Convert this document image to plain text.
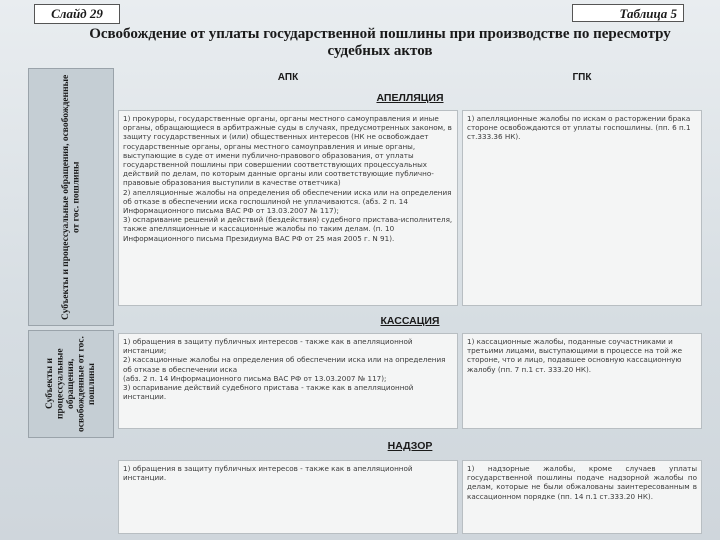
Слайд 29	Таблица 5
Освобождение от уплаты государственной пошлины при производстве по пересмотру судебных актов
Субъекты и процессуальные обращения, освобожденные от гос. пошлины
Субъекты и процессуальные обращения, освобожденные от гос. пошлины
АПК	ГПК
АПЕЛЛЯЦИЯ
1) прокуроры, государственные органы, органы местного самоуправления и иные органы, обращающиеся в арбитражные суды в случаях, предусмотренных законом, в защиту государственных и (или) общественных интересов (НК не освобождает государственные органы, органы местного самоуправления и иные органы, выступающие в суде от имени публично-правового образования, от уплаты государственной пошлины при совершении соответствующих процессуальных действий по делам, по которым данные органы или соответствующие публично-правовые образования выступили в качестве ответчика)
2) апелляционные жалобы на определения об обеспечении иска или на определения об отказе в обеспечении иска госпошлиной не уплачиваются. (абз. 2 п. 14 Информационного письма ВАС РФ от 13.03.2007 № 117);
3) оспаривание решений и действий (бездействия) судебного пристава-исполнителя, также апелляционные и кассационные жалобы по таким делам. (п. 10 Информационного письма Президиума ВАС РФ от 25 мая 2005 г. N 91).
1) апелляционные жалобы по искам о расторжении брака стороне освобождаются от уплаты госпошлины. (пп. 6 п.1 ст.333.36 НК).
КАССАЦИЯ
1) обращения в защиту публичных интересов - также как в апелляционной инстанции;
2) кассационные жалобы на определения об обеспечении иска или на определения об отказе в обеспечении иска
(абз. 2 п. 14 Информационного письма ВАС РФ от 13.03.2007 № 117);
3) оспаривание действий судебного пристава - также как в апелляционной инстанции.
1) кассационные жалобы, поданные соучастниками и третьими лицами, выступающими в процессе на той же стороне, что и лицо, подавшее основную кассационную жалобу (пп. 7 п.1 ст. 333.20 НК).
НАДЗОР
1) обращения в защиту публичных интересов - также как в апелляционной инстанции.
1) надзорные жалобы, кроме случаев уплаты государственной пошлины подаче надзорной жалобы по делам, которые не были обжалованы заинтересованным в кассационном порядке (пп. 14 п.1 ст.333.20 НК).
